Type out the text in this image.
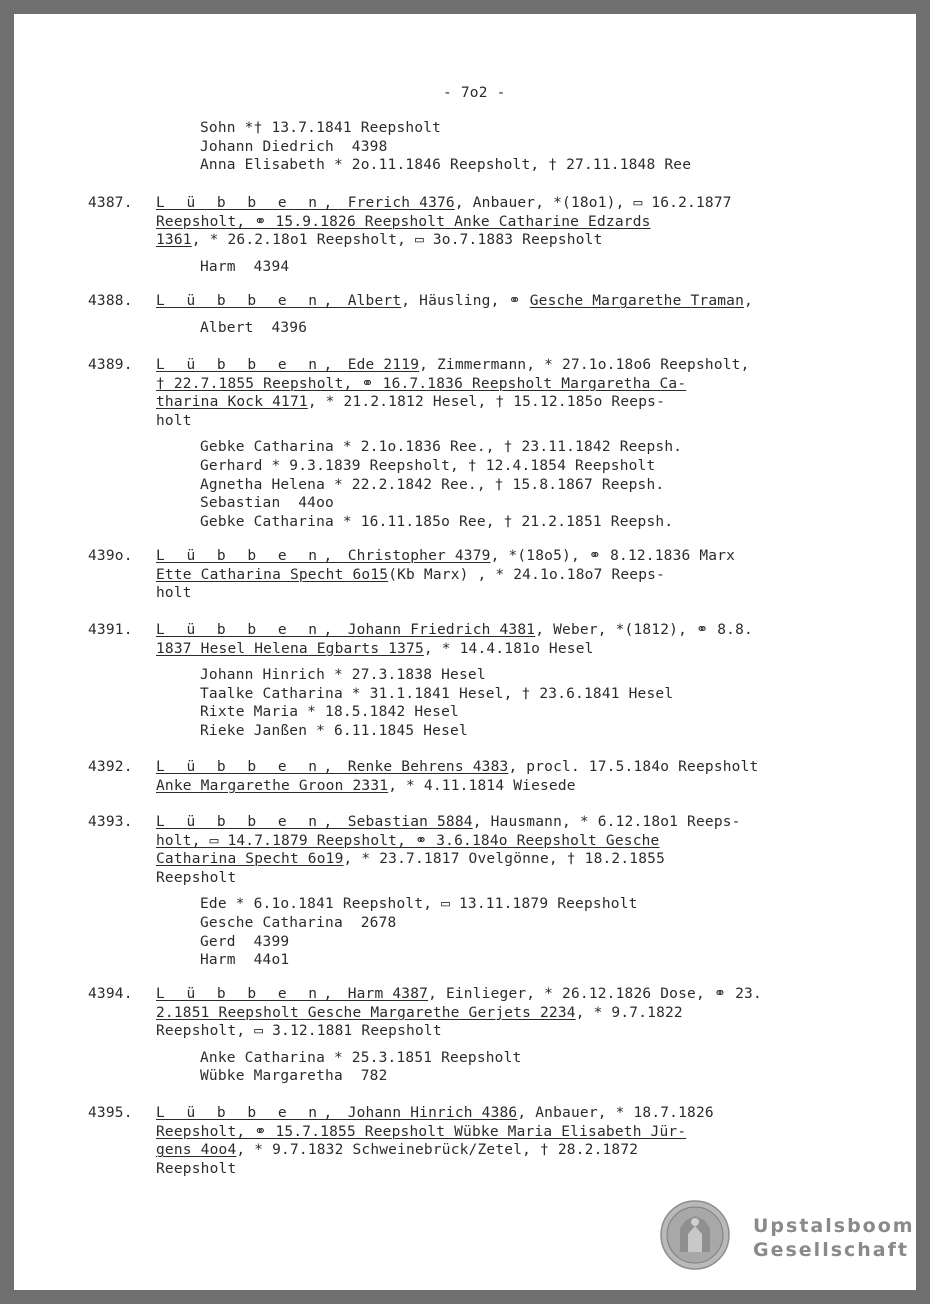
- 7o2 -
Sohn *† 13.7.1841 Reepsholt
Johann Diedrich  4398
Anna Elisabeth * 2o.11.1846 Reepsholt, † 27.11.1848 Ree
4387. L ü b b e n, Frerich 4376, Anbauer, *(18o1), ▭ 16.2.1877
Reepsholt, ⚭ 15.9.1826 Reepsholt Anke Catharine Edzards
1361, * 26.2.18o1 Reepsholt, ▭ 3o.7.1883 Reepsholt
Harm  4394
4388. L ü b b e n, Albert, Häusling, ⚭ Gesche Margarethe Traman,
Albert  4396
4389. L ü b b e n, Ede 2119, Zimmermann, * 27.1o.18o6 Reepsholt,
† 22.7.1855 Reepsholt, ⚭ 16.7.1836 Reepsholt Margaretha Ca-
tharina Kock 4171, * 21.2.1812 Hesel, † 15.12.185o Reeps-
holt
Gebke Catharina * 2.1o.1836 Ree., † 23.11.1842 Reepsh.
Gerhard * 9.3.1839 Reepsholt, † 12.4.1854 Reepsholt
Agnetha Helena * 22.2.1842 Ree., † 15.8.1867 Reepsh.
Sebastian  44oo
Gebke Catharina * 16.11.185o Ree, † 21.2.1851 Reepsh.
439o. L ü b b e n, Christopher 4379, *(18o5), ⚭ 8.12.1836 Marx
Ette Catharina Specht 6o15(Kb Marx) , * 24.1o.18o7 Reeps-
holt
4391. L ü b b e n, Johann Friedrich 4381, Weber, *(1812), ⚭ 8.8.
1837 Hesel Helena Egbarts 1375, * 14.4.181o Hesel
Johann Hinrich * 27.3.1838 Hesel
Taalke Catharina * 31.1.1841 Hesel, † 23.6.1841 Hesel
Rixte Maria * 18.5.1842 Hesel
Rieke Janßen * 6.11.1845 Hesel
4392. L ü b b e n, Renke Behrens 4383, procl. 17.5.184o Reepsholt
Anke Margarethe Groon 2331, * 4.11.1814 Wiesede
4393. L ü b b e n, Sebastian 5884, Hausmann, * 6.12.18o1 Reeps-
holt, ▭ 14.7.1879 Reepsholt, ⚭ 3.6.184o Reepsholt Gesche
Catharina Specht 6o19, * 23.7.1817 Ovelgönne, † 18.2.1855
Reepsholt
Ede * 6.1o.1841 Reepsholt, ▭ 13.11.1879 Reepsholt
Gesche Catharina  2678
Gerd  4399
Harm  44o1
4394. L ü b b e n, Harm 4387, Einlieger, * 26.12.1826 Dose, ⚭ 23.
2.1851 Reepsholt Gesche Margarethe Gerjets 2234, * 9.7.1822
Reepsholt, ▭ 3.12.1881 Reepsholt
Anke Catharina * 25.3.1851 Reepsholt
Wübke Margaretha  782
4395. L ü b b e n, Johann Hinrich 4386, Anbauer, * 18.7.1826
Reepsholt, ⚭ 15.7.1855 Reepsholt Wübke Maria Elisabeth Jür-
gens 4oo4, * 9.7.1832 Schweinebrück/Zetel, † 28.2.1872
Reepsholt
Upstalsboom
Gesellschaft
